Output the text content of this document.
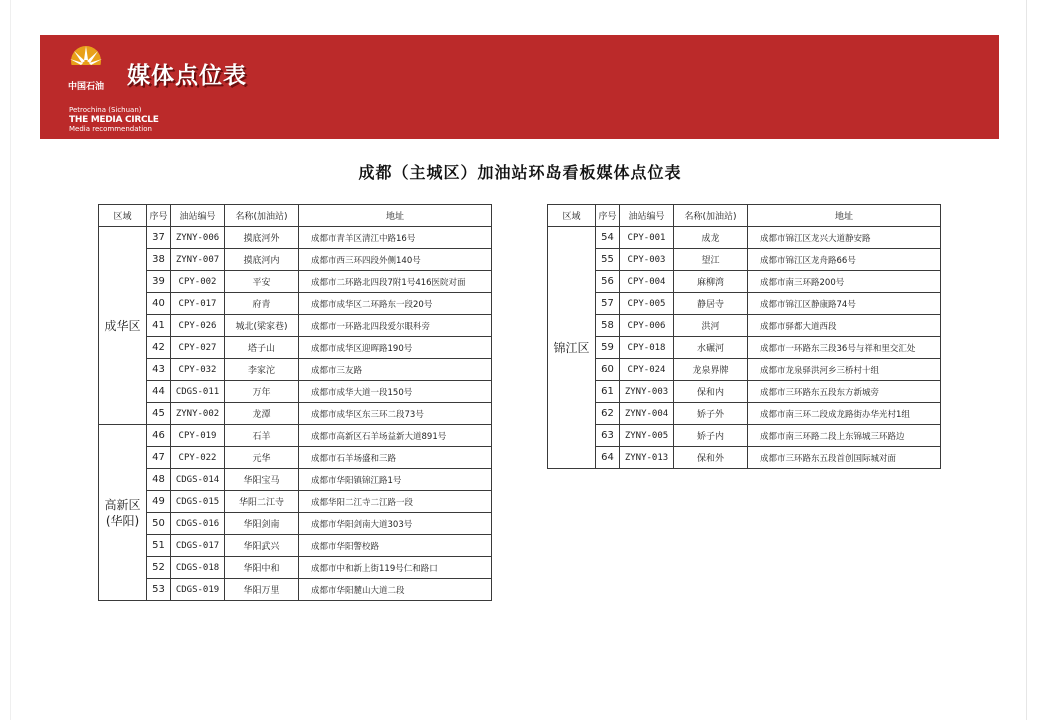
中国石油 媒体点位表
Petrochina (Sichuan)
THE MEDIA CIRCLE
Media recommendation
成都（主城区）加油站环岛看板媒体点位表
区域	序号	油站编号	名称(加油站)	地址
成华区	37	ZYNY-006	摸底河外	成都市青羊区清江中路16号
	38	ZYNY-007	摸底河内	成都市西三环四段外侧140号
	39	CPY-002	平安	成都市二环路北四段7附1号416医院对面
	40	CPY-017	府青	成都市成华区二环路东一段20号
	41	CPY-026	城北(梁家巷)	成都市一环路北四段爱尔眼科旁
	42	CPY-027	塔子山	成都市成华区迎晖路190号
	43	CPY-032	李家沱	成都市三友路
	44	CDGS-011	万年	成都市成华大道一段150号
	45	ZYNY-002	龙潭	成都市成华区东三环二段73号
高新区 (华阳)	46	CPY-019	石羊	成都市高新区石羊场益新大道891号
	47	CPY-022	元华	成都市石羊场盛和三路
	48	CDGS-014	华阳宝马	成都市华阳镇锦江路1号
	49	CDGS-015	华阳二江寺	成都华阳二江寺二江路一段
	50	CDGS-016	华阳剑南	成都市华阳剑南大道303号
	51	CDGS-017	华阳武兴	成都市华阳警校路
	52	CDGS-018	华阳中和	成都市中和新上街119号仁和路口
	53	CDGS-019	华阳万里	成都市华阳麓山大道二段
区域	序号	油站编号	名称(加油站)	地址
锦江区	54	CPY-001	成龙	成都市锦江区龙兴大道静安路
	55	CPY-003	望江	成都市锦江区龙舟路66号
	56	CPY-004	麻柳湾	成都市南三环路200号
	57	CPY-005	静居寺	成都市锦江区静康路74号
	58	CPY-006	洪河	成都市驿都大道西段
	59	CPY-018	水碾河	成都市一环路东三段36号与祥和里交汇处
	60	CPY-024	龙泉界牌	成都市龙泉驿洪河乡三桥村十组
	61	ZYNY-003	保和内	成都市三环路东五段东方新城旁
	62	ZYNY-004	娇子外	成都市南三环二段成龙路街办华光村1组
	63	ZYNY-005	娇子内	成都市南三环路二段上东锦城三环路边
	64	ZYNY-013	保和外	成都市三环路东五段首创国际城对面
